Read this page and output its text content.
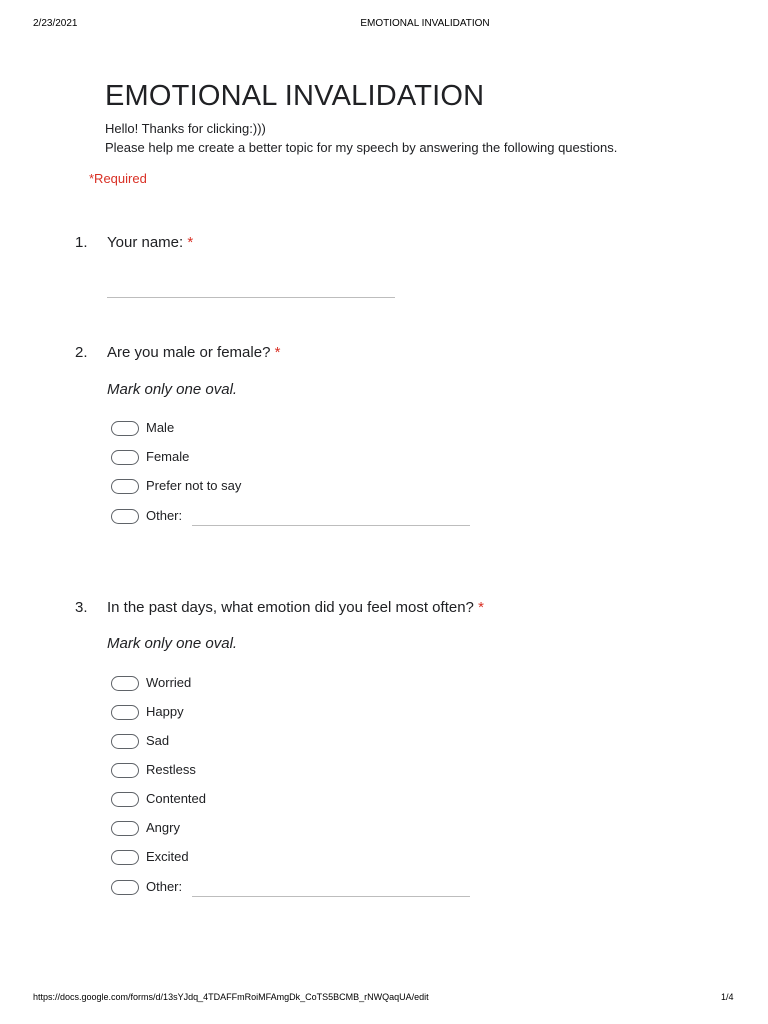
2/23/2021	EMOTIONAL INVALIDATION
EMOTIONAL INVALIDATION
Hello! Thanks for clicking:)))
Please help me create a better topic for my speech by answering the following questions.
*Required
1. Your name: *
2. Are you male or female? *
Mark only one oval.
Male
Female
Prefer not to say
Other:
3. In the past days, what emotion did you feel most often? *
Mark only one oval.
Worried
Happy
Sad
Restless
Contented
Angry
Excited
Other:
https://docs.google.com/forms/d/13sYJdq_4TDAFFmRoiMFAmgDk_CoTS5BCMB_rNWQaqUA/edit	1/4
